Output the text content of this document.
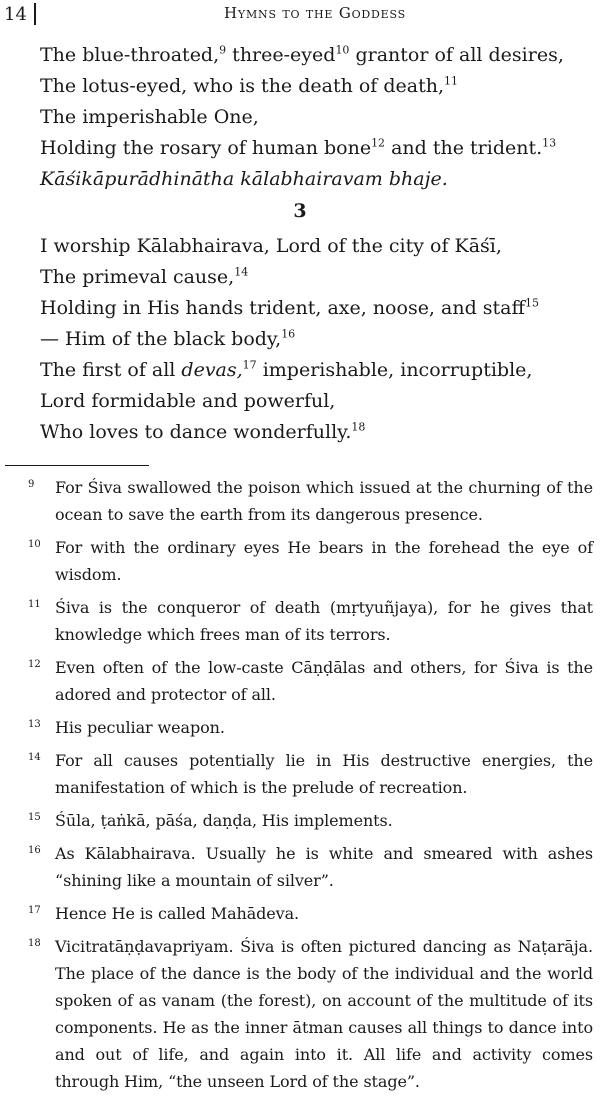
14	Hymns to the Goddess
The blue-throated,$^9$ three-eyed$^{10}$ grantor of all desires,
The lotus-eyed, who is the death of death,$^{11}$
The imperishable One,
Holding the rosary of human bone$^{12}$ and the trident.$^{13}$
Kāśikāpurādhinātha kālabhairavam bhaje.
3
I worship Kālabhairava, Lord of the city of Kāśī,
The primeval cause,$^{14}$
Holding in His hands trident, axe, noose, and staff$^{15}$
— Him of the black body,$^{16}$
The first of all devas,$^{17}$ imperishable, incorruptible,
Lord formidable and powerful,
Who loves to dance wonderfully.$^{18}$
9 For Śiva swallowed the poison which issued at the churning of the ocean to save the earth from its dangerous presence.
10 For with the ordinary eyes He bears in the forehead the eye of wisdom.
11 Śiva is the conqueror of death (mṛtyuñjaya), for he gives that knowledge which frees man of its terrors.
12 Even often of the low-caste Cāṇḍālas and others, for Śiva is the adored and protector of all.
13 His peculiar weapon.
14 For all causes potentially lie in His destructive energies, the manifestation of which is the prelude of recreation.
15 Śūla, ṭaṅkā, pāśa, daṇḍa, His implements.
16 As Kālabhairava. Usually he is white and smeared with ashes “shining like a mountain of silver”.
17 Hence He is called Mahādeva.
18 Vicitratāṇḍavapriyam. Śiva is often pictured dancing as Naṭarāja. The place of the dance is the body of the individual and the world spoken of as vanam (the forest), on account of the multitude of its components. He as the inner ātman causes all things to dance into and out of life, and again into it. All life and activity comes through Him, “the unseen Lord of the stage”.
